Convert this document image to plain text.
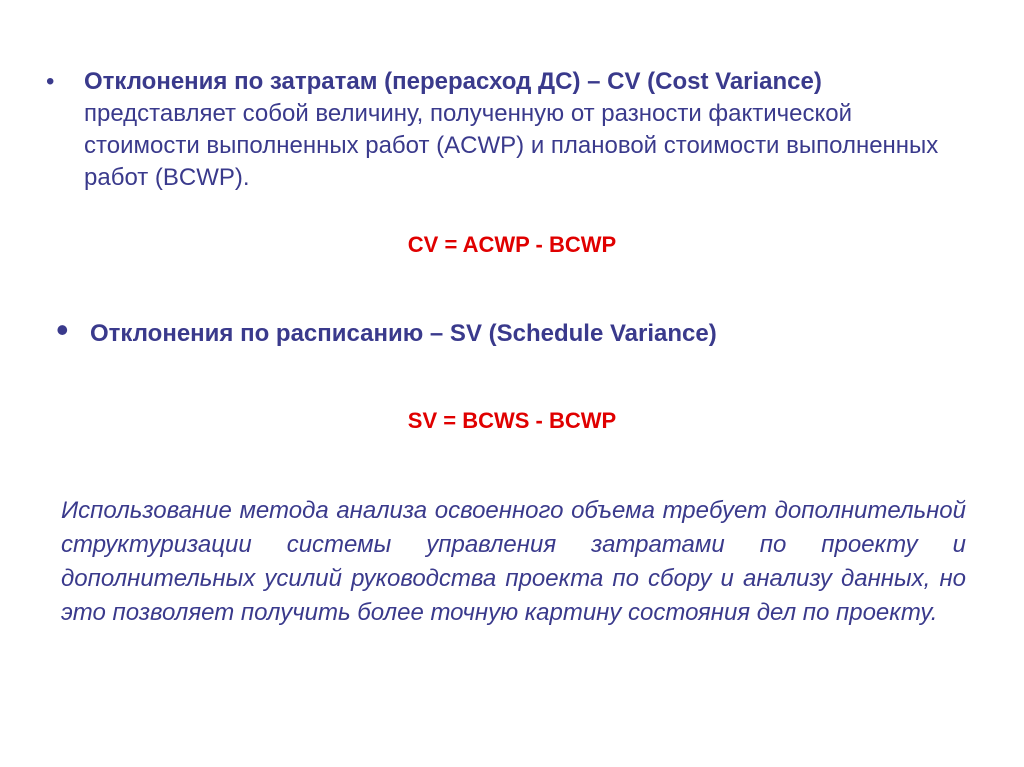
• Отклонения по затратам (перерасход ДС) – CV (Cost Variance) представляет собой величину, полученную от разности фактической стоимости выполненных работ (ACWP) и плановой стоимости выполненных работ (BCWP).
CV = ACWP - BCWP
• Отклонения по расписанию – SV (Schedule Variance)
SV = BCWS - BCWP
Использование метода анализа освоенного объема требует дополнительной структуризации системы управления затратами по проекту и дополнительных усилий руководства проекта по сбору и анализу данных, но это позволяет получить более точную картину состояния дел по проекту.
